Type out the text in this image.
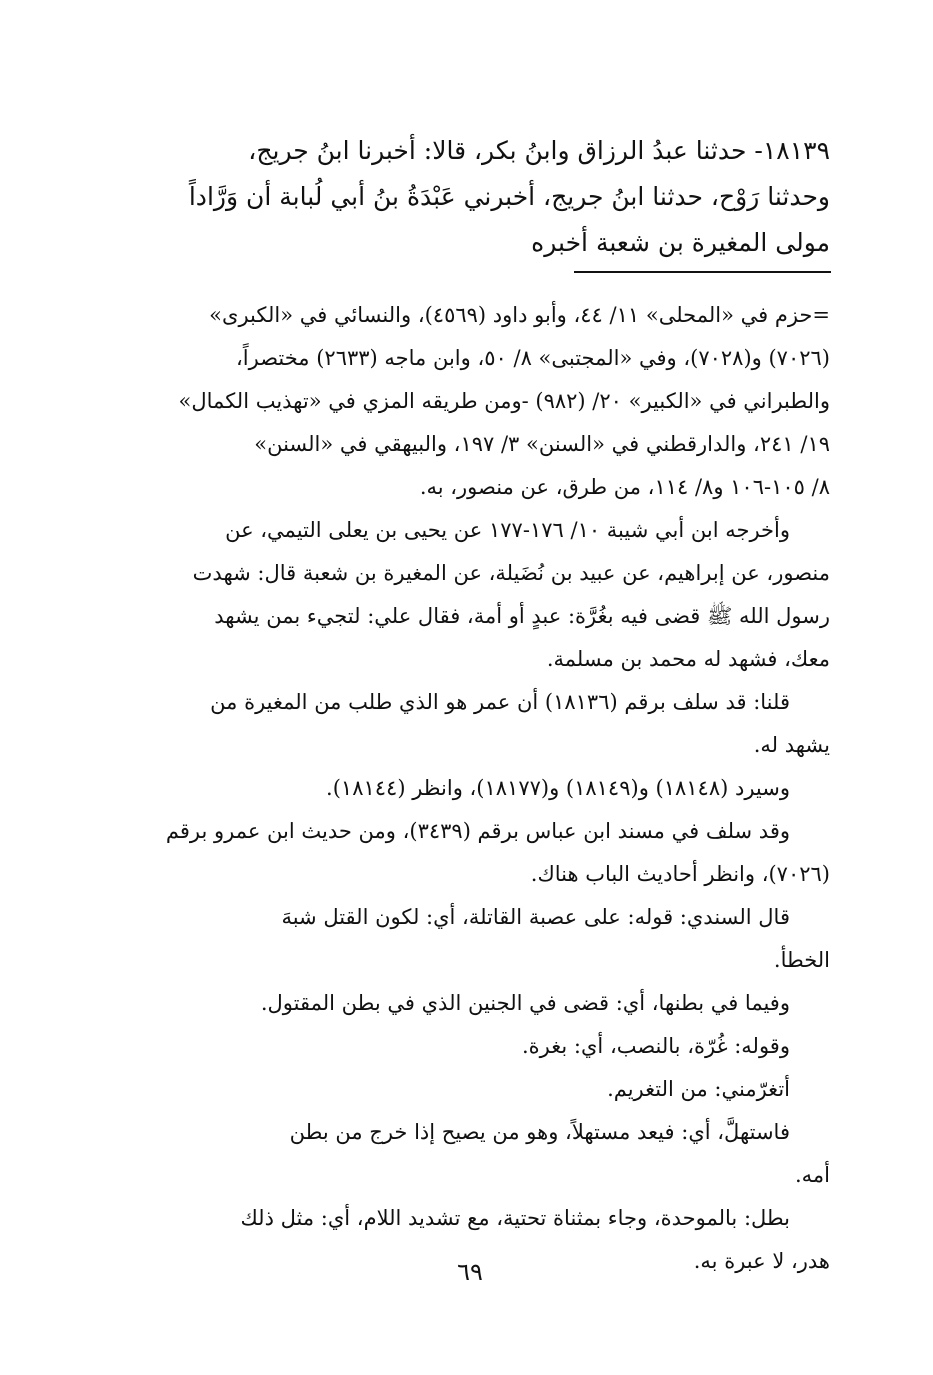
١٨١٣٩- حدثنا عبدُ الرزاق وابنُ بكر، قالا: أخبرنا ابنُ جريج،

وحدثنا رَوْح، حدثنا ابنُ جريج، أخبرني عَبْدَةُ بنُ أبي لُبابة أن وَرَّاداً

مولى المغيرة بن شعبة أخبره

=حزم في «المحلى» ١١/ ٤٤، وأبو داود (٤٥٦٩)، والنسائي في «الكبرى»

(٧٠٢٦) و(٧٠٢٨)، وفي «المجتبى» ٨/ ٥٠، وابن ماجه (٢٦٣٣) مختصراً،

والطبراني في «الكبير» ٢٠/ (٩٨٢) -ومن طريقه المزي في «تهذيب الكمال»

١٩/ ٢٤١، والدارقطني في «السنن» ٣/ ١٩٧، والبيهقي في «السنن»

٨/ ١٠٥-١٠٦ و٨/ ١١٤، من طرق، عن منصور، به.

وأخرجه ابن أبي شيبة ١٠/ ١٧٦-١٧٧ عن يحيى بن يعلى التيمي، عن

منصور، عن إبراهيم، عن عبيد بن نُضَيلة، عن المغيرة بن شعبة قال: شهدت

رسول الله ﷺ قضى فيه بغُرَّة: عبدٍ أو أمة، فقال علي: لتجيء بمن يشهد

معك، فشهد له محمد بن مسلمة.

قلنا: قد سلف برقم (١٨١٣٦) أن عمر هو الذي طلب من المغيرة من

يشهد له.

وسيرد (١٨١٤٨) و(١٨١٤٩) و(١٨١٧٧)، وانظر (١٨١٤٤).

وقد سلف في مسند ابن عباس برقم (٣٤٣٩)، ومن حديث ابن عمرو برقم

(٧٠٢٦)، وانظر أحاديث الباب هناك.

قال السندي: قوله: على عصبة القاتلة، أي: لكون القتل شبهَ

الخطأ.

وفيما في بطنها، أي: قضى في الجنين الذي في بطن المقتول.

وقوله: غُرّة، بالنصب، أي: بغرة.

أتغرّمني: من التغريم.

فاستهلَّ، أي: فيعد مستهلاً، وهو من يصيح إذا خرج من بطن

أمه.

بطل: بالموحدة، وجاء بمثناة تحتية، مع تشديد اللام، أي: مثل ذلك

هدر، لا عبرة به.

٦٩
